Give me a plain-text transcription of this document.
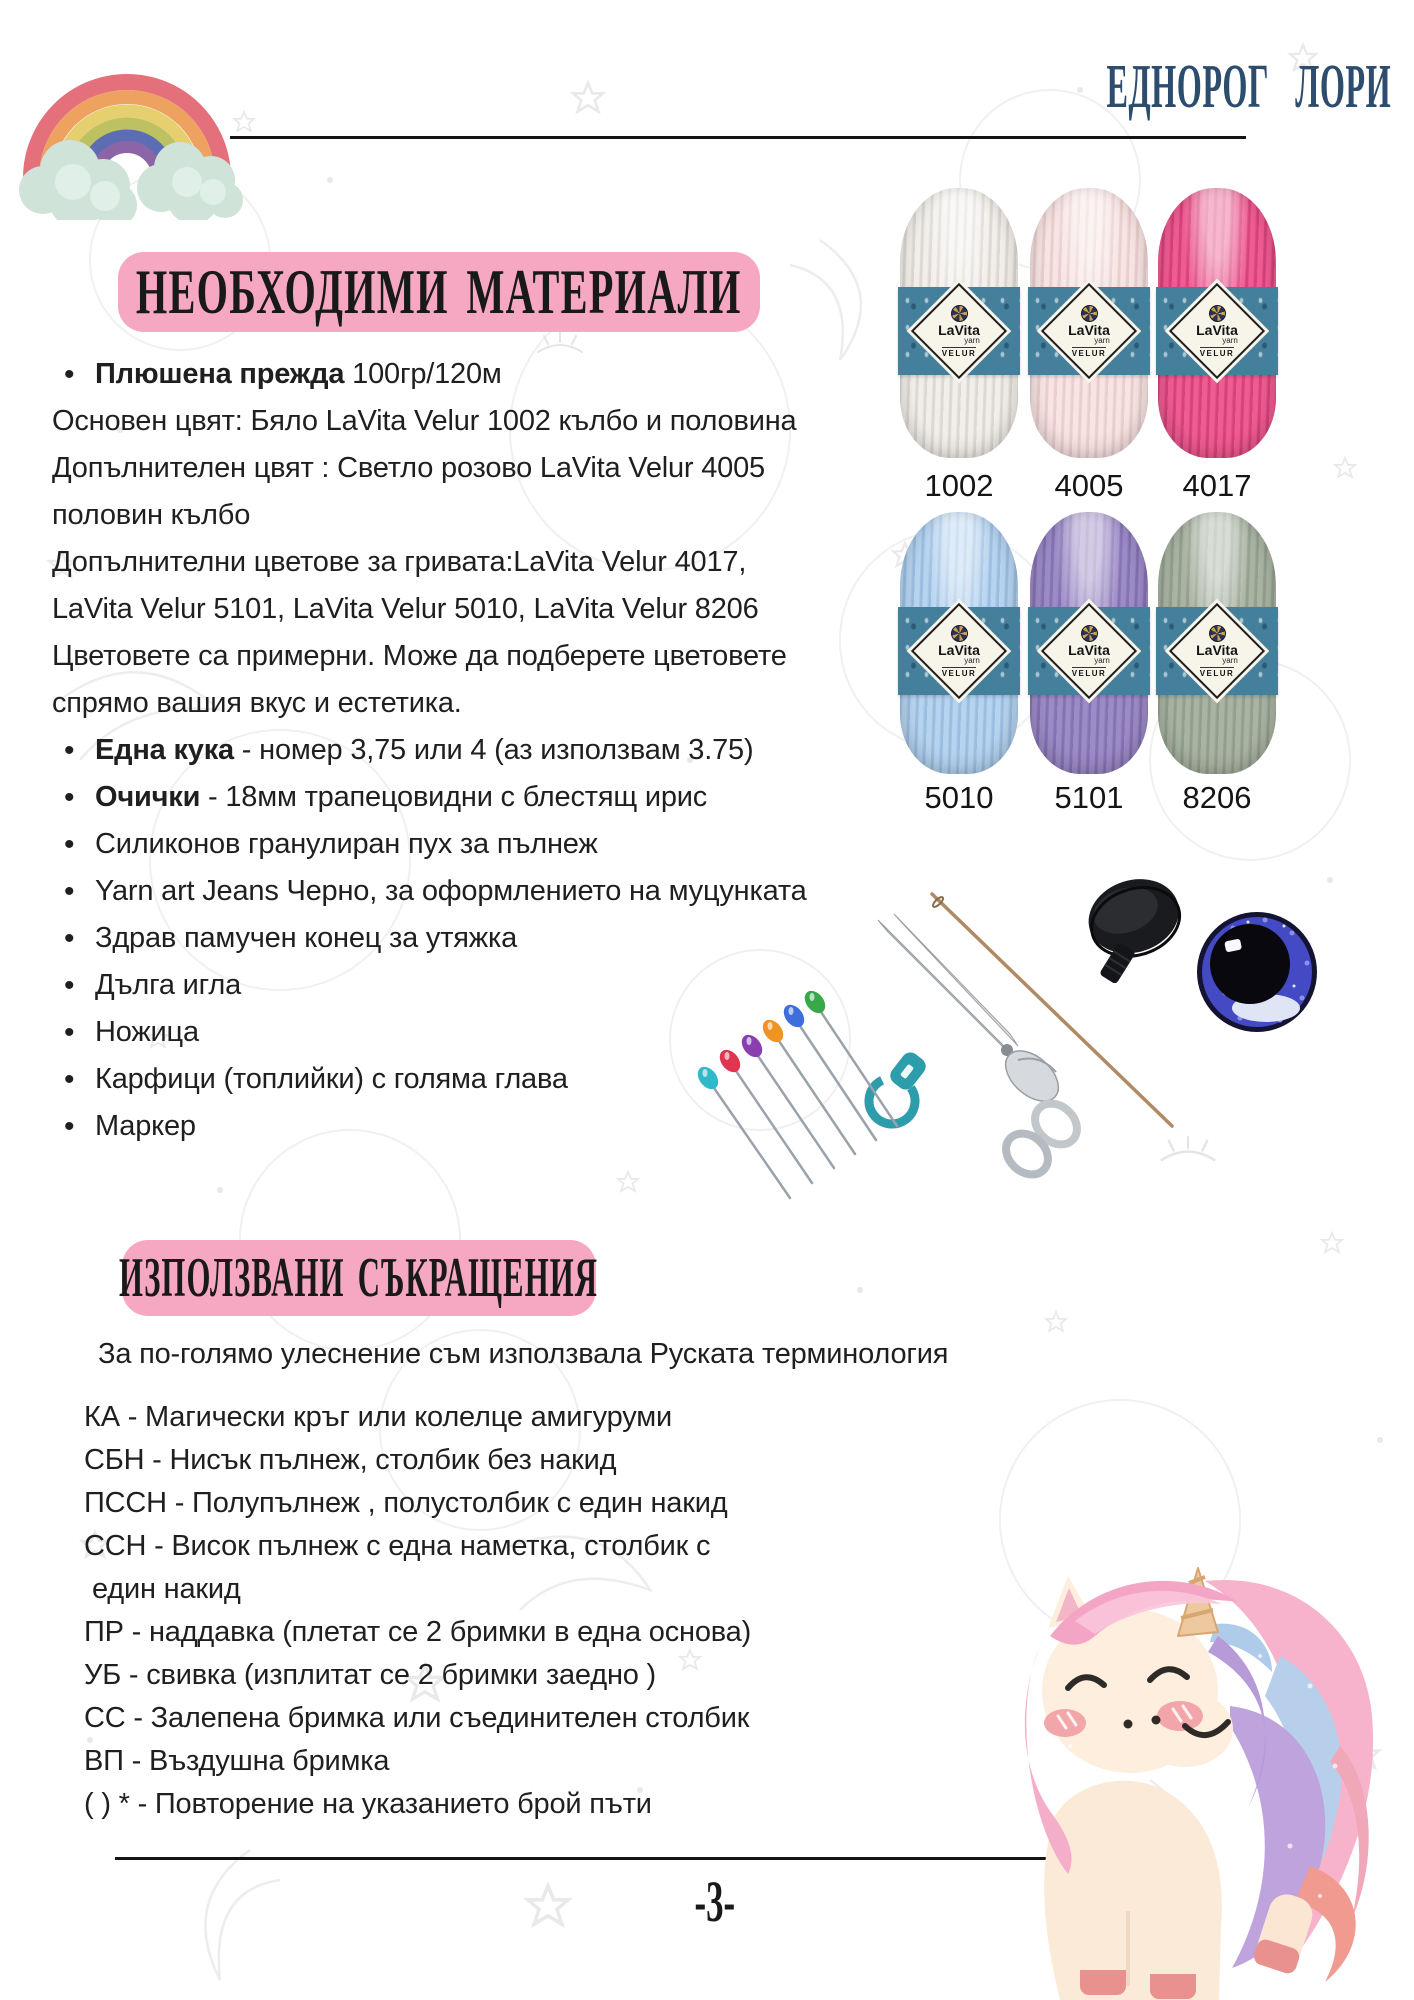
ЕДНОРОГ ЛОРИ
НЕОБХОДИМИ МАТЕРИАЛИ
• Плюшена прежда 100гр/120м
Основен цвят: Бяло LaVita Velur 1002 кълбо и половина
Допълнителен цвят : Светло розово LaVita Velur 4005
половин кълбо
Допълнителни цветове за гривата:LaVita Velur 4017,
LaVita Velur 5101, LaVita Velur 5010, LaVita Velur 8206
Цветовете са примерни. Може да подберете цветовете
спрямо вашия вкус и естетика.
• Една кука - номер 3,75 или 4 (аз използвам 3.75)
• Очички - 18мм трапецовидни с блестящ ирис
• Силиконов гранулиран пух за пълнеж
• Yarn art Jeans Черно, за оформлението на муцунката
• Здрав памучен конец за утяжка
• Дълга игла
• Ножица
• Карфици (топлийки) с голяма глава
• Маркер
LaVita
yarn
VELUR
LaVita
yarn
VELUR
LaVita
yarn
VELUR
1002	4005	4017
LaVita
yarn
VELUR
LaVita
yarn
VELUR
LaVita
yarn
VELUR
5010	5101	8206
ИЗПОЛЗВАНИ СЪКРАЩЕНИЯ
За по-голямо улеснение съм използвала Руската терминология
КА - Магически кръг или колелце амигуруми
СБН - Нисък пълнеж, столбик без накид
ПССН - Полупълнеж , полустолбик с един накид
ССН - Висок пълнеж с една наметка, столбик с
един накид
ПР - наддавка (плетат се 2 бримки в една основа)
УБ - свивка (изплитат се 2 бримки заедно )
СС - Залепена бримка или съединителен столбик
ВП - Въздушна бримка
( ) * - Повторение на указанието брой пъти
-3-
